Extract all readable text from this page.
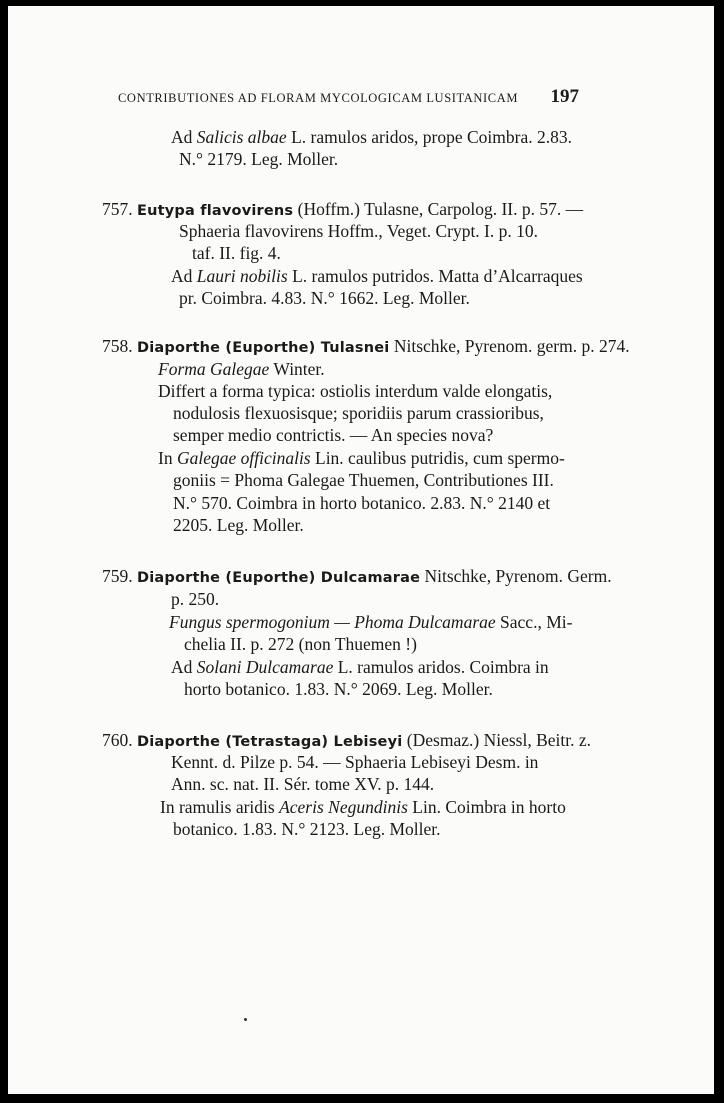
CONTRIBUTIONES AD FLORAM MYCOLOGICAM LUSITANICAM 197
Ad Salicis albae L. ramulos aridos, prope Coimbra. 2.83.
N.° 2179. Leg. Moller.
757. Eutypa flavovirens (Hoffm.) Tulasne, Carpolog. II. p. 57. —
Sphaeria flavovirens Hoffm., Veget. Crypt. I. p. 10.
taf. II. fig. 4.
Ad Lauri nobilis L. ramulos putridos. Matta d’Alcarraques
pr. Coimbra. 4.83. N.° 1662. Leg. Moller.
758. Diaporthe (Euporthe) Tulasnei Nitschke, Pyrenom. germ. p. 274.
Forma Galegae Winter.
Differt a forma typica: ostiolis interdum valde elongatis,
nodulosis flexuosisque; sporidiis parum crassioribus,
semper medio contrictis. — An species nova?
In Galegae officinalis Lin. caulibus putridis, cum spermo-
goniis = Phoma Galegae Thuemen, Contributiones III.
N.° 570. Coimbra in horto botanico. 2.83. N.° 2140 et
2205. Leg. Moller.
759. Diaporthe (Euporthe) Dulcamarae Nitschke, Pyrenom. Germ.
p. 250.
Fungus spermogonium — Phoma Dulcamarae Sacc., Mi-
chelia II. p. 272 (non Thuemen !)
Ad Solani Dulcamarae L. ramulos aridos. Coimbra in
horto botanico. 1.83. N.° 2069. Leg. Moller.
760. Diaporthe (Tetrastaga) Lebiseyi (Desmaz.) Niessl, Beitr. z.
Kennt. d. Pilze p. 54. — Sphaeria Lebiseyi Desm. in
Ann. sc. nat. II. Sér. tome XV. p. 144.
In ramulis aridis Aceris Negundinis Lin. Coimbra in horto
botanico. 1.83. N.° 2123. Leg. Moller.
